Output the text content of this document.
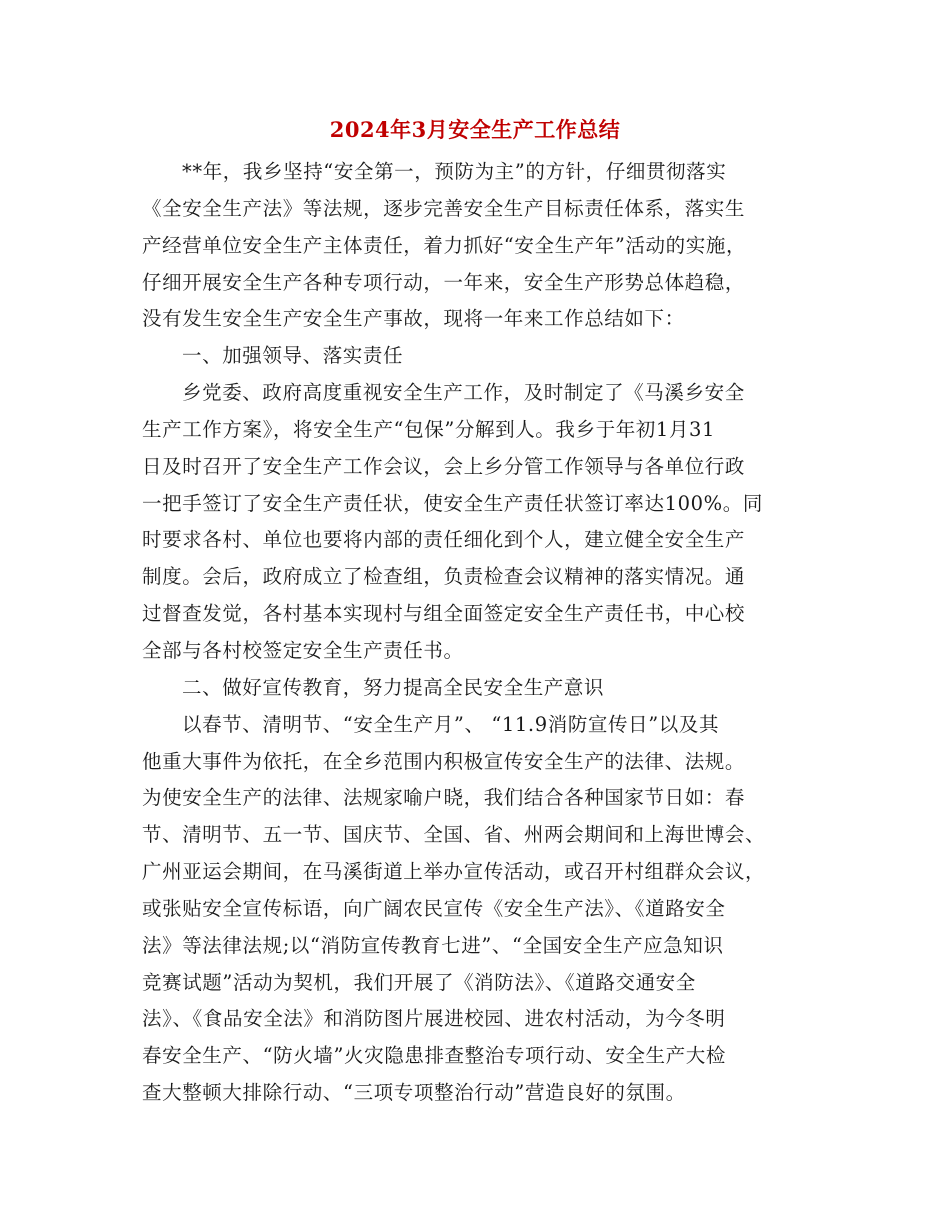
2024年3月安全生产工作总结
**年，我乡坚持“安全第一，预防为主”的方针，仔细贯彻落实
《全安全生产法》等法规，逐步完善安全生产目标责任体系，落实生
产经营单位安全生产主体责任，着力抓好“安全生产年”活动的实施，
仔细开展安全生产各种专项行动，一年来，安全生产形势总体趋稳，
没有发生安全生产安全生产事故，现将一年来工作总结如下：
一、加强领导、落实责任
乡党委、政府高度重视安全生产工作，及时制定了《马溪乡安全
生产工作方案》，将安全生产“包保”分解到人。我乡于年初1月31
日及时召开了安全生产工作会议，会上乡分管工作领导与各单位行政
一把手签订了安全生产责任状，使安全生产责任状签订率达100%。同
时要求各村、单位也要将内部的责任细化到个人，建立健全安全生产
制度。会后，政府成立了检查组，负责检查会议精神的落实情况。通
过督查发觉，各村基本实现村与组全面签定安全生产责任书，中心校
全部与各村校签定安全生产责任书。
二、做好宣传教育，努力提高全民安全生产意识
以春节、清明节、“安全生产月”、 “11.9消防宣传日”以及其
他重大事件为依托，在全乡范围内积极宣传安全生产的法律、法规。
为使安全生产的法律、法规家喻户晓，我们结合各种国家节日如：春
节、清明节、五一节、国庆节、全国、省、州两会期间和上海世博会、
广州亚运会期间，在马溪街道上举办宣传活动，或召开村组群众会议，
或张贴安全宣传标语，向广阔农民宣传《安全生产法》、《道路安全
法》等法律法规;以“消防宣传教育七进”、“全国安全生产应急知识
竞赛试题”活动为契机，我们开展了《消防法》、《道路交通安全
法》、《食品安全法》和消防图片展进校园、进农村活动，为今冬明
春安全生产、“防火墙”火灾隐患排查整治专项行动、安全生产大检
查大整顿大排除行动、“三项专项整治行动”营造良好的氛围。
